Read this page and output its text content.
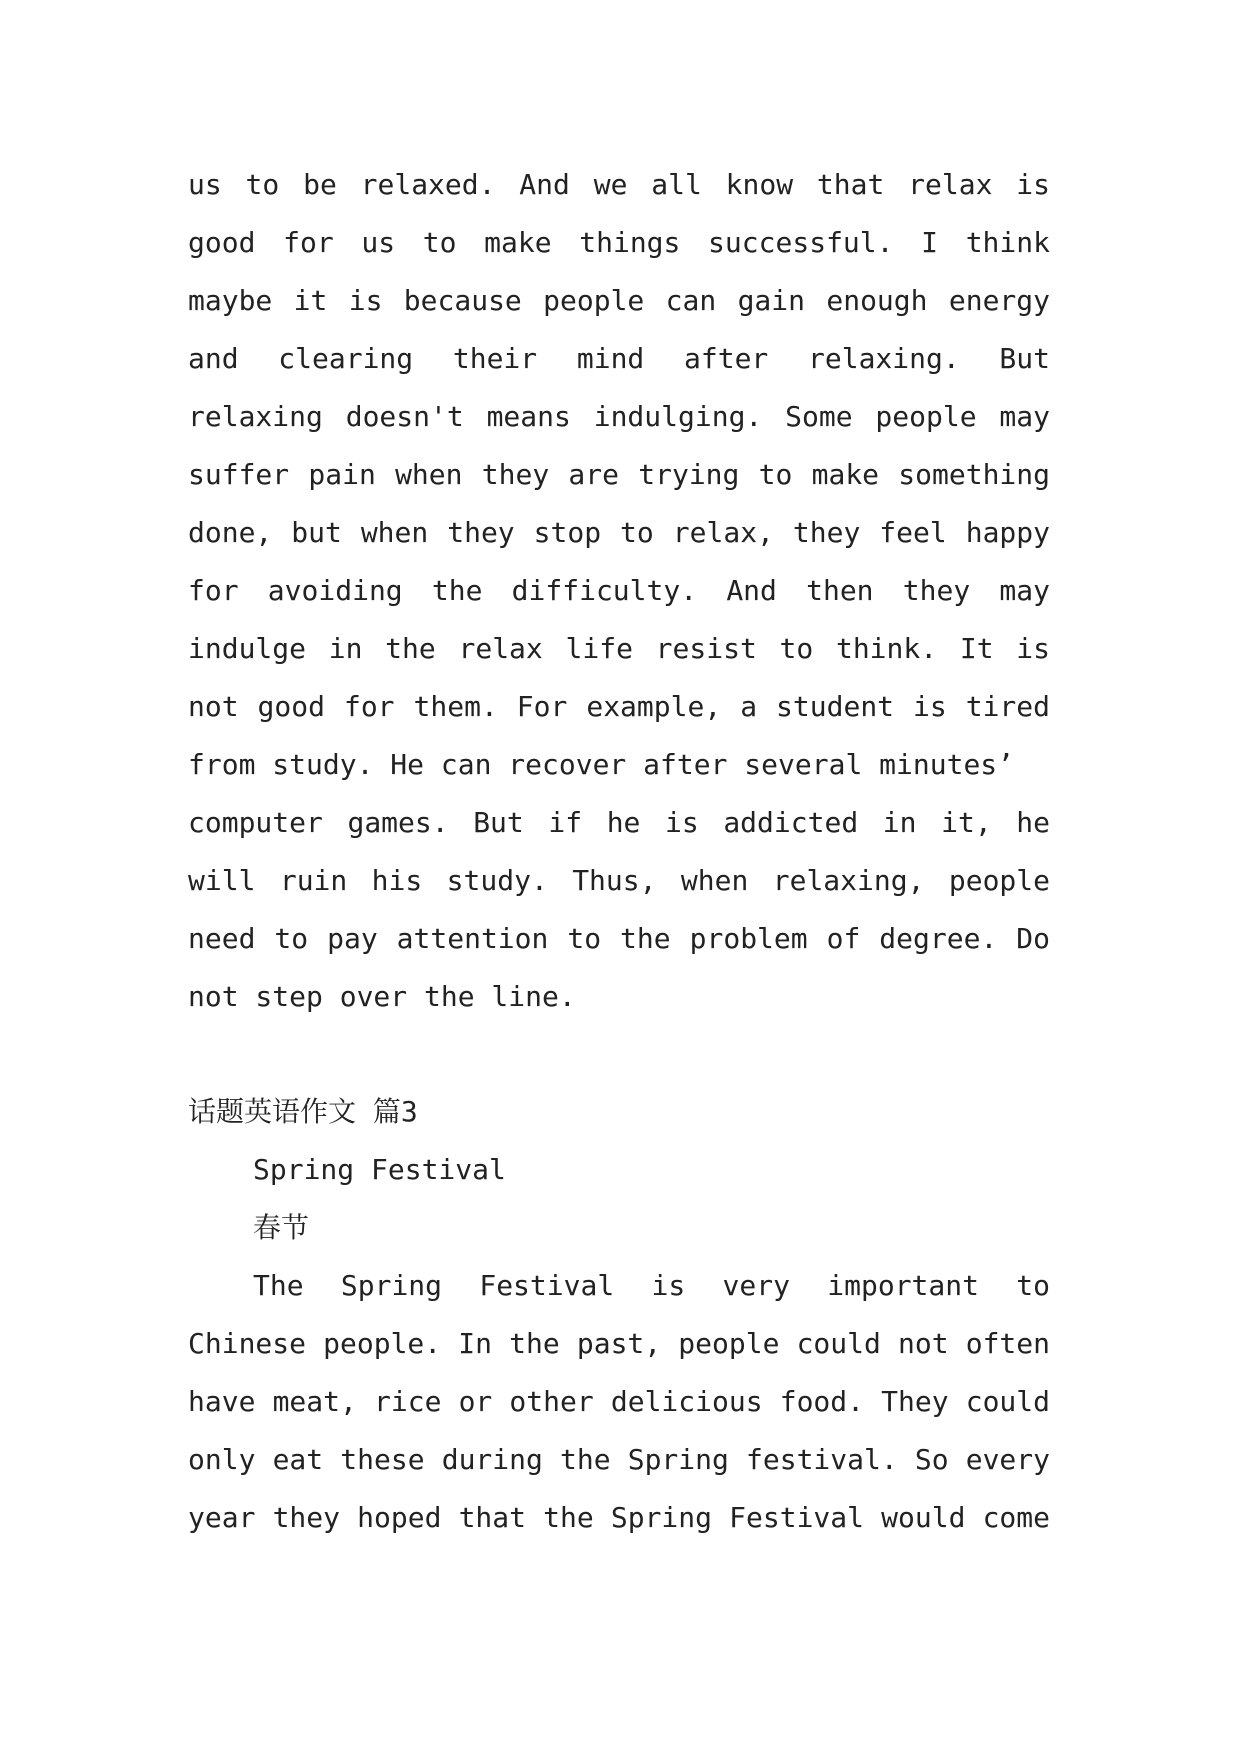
us to be relaxed. And we all know that relax is
good for us to make things successful. I think
maybe it is because people can gain enough energy
and clearing their mind after relaxing. But
relaxing doesn't means indulging. Some people may
suffer pain when they are trying to make something
done, but when they stop to relax, they feel happy
for avoiding the difficulty. And then they may
indulge in the relax life resist to think. It is
not good for them. For example, a student is tired
from study. He can recover after several minutes’
computer games. But if he is addicted in it, he
will ruin his study. Thus, when relaxing, people
need to pay attention to the problem of degree. Do
not step over the line.
话题英语作文 篇3
Spring Festival
春节
The Spring Festival is very important to
Chinese people. In the past, people could not often
have meat, rice or other delicious food. They could
only eat these during the Spring festival. So every
year they hoped that the Spring Festival would come
